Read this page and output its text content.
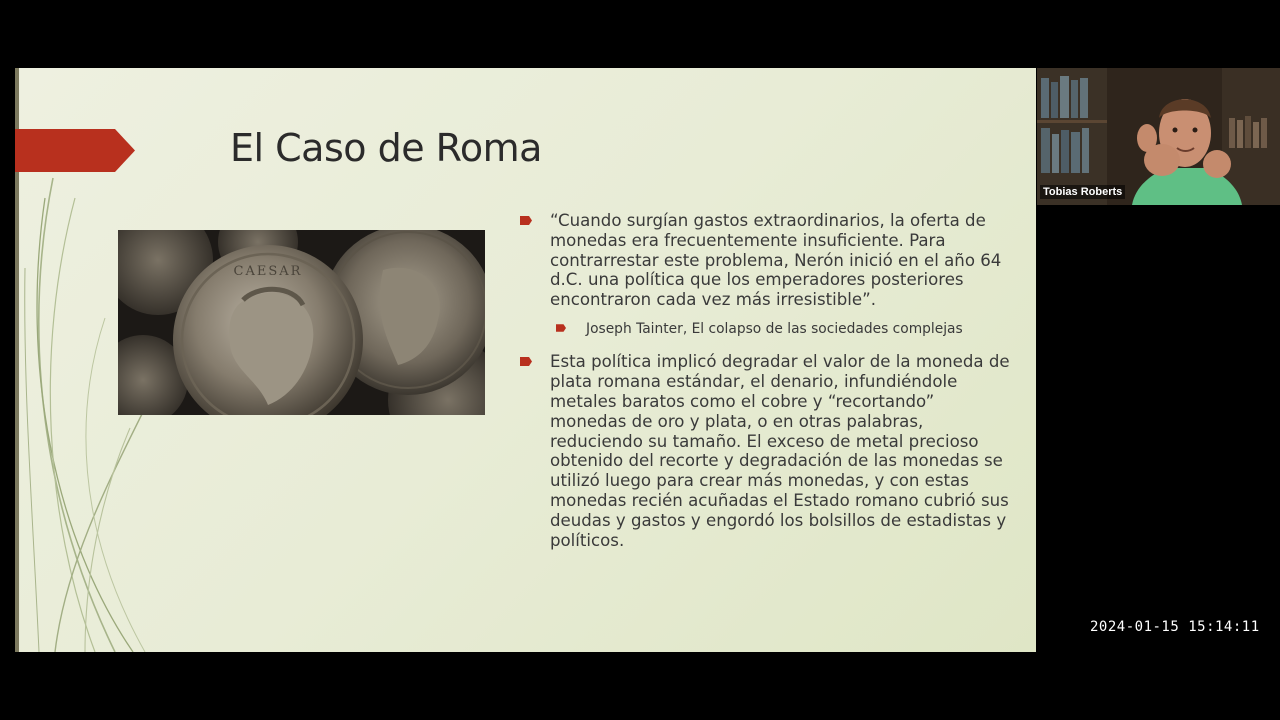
El Caso de Roma
CAESAR
“Cuando surgían gastos extraordinarios, la oferta de monedas era frecuentemente insuficiente. Para contrarrestar este problema, Nerón inició en el año 64 d.C. una política que los emperadores posteriores encontraron cada vez más irresistible”.
Joseph Tainter, El colapso de las sociedades complejas
Esta política implicó degradar el valor de la moneda de plata romana estándar, el denario, infundiéndole metales baratos como el cobre y “recortando” monedas de oro y plata, o en otras palabras, reduciendo su tamaño. El exceso de metal precioso obtenido del recorte y degradación de las monedas se utilizó luego para crear más monedas, y con estas monedas recién acuñadas el Estado romano cubrió sus deudas y gastos y engordó los bolsillos de estadistas y políticos.
Tobias Roberts
2024-01-15 15:14:11
